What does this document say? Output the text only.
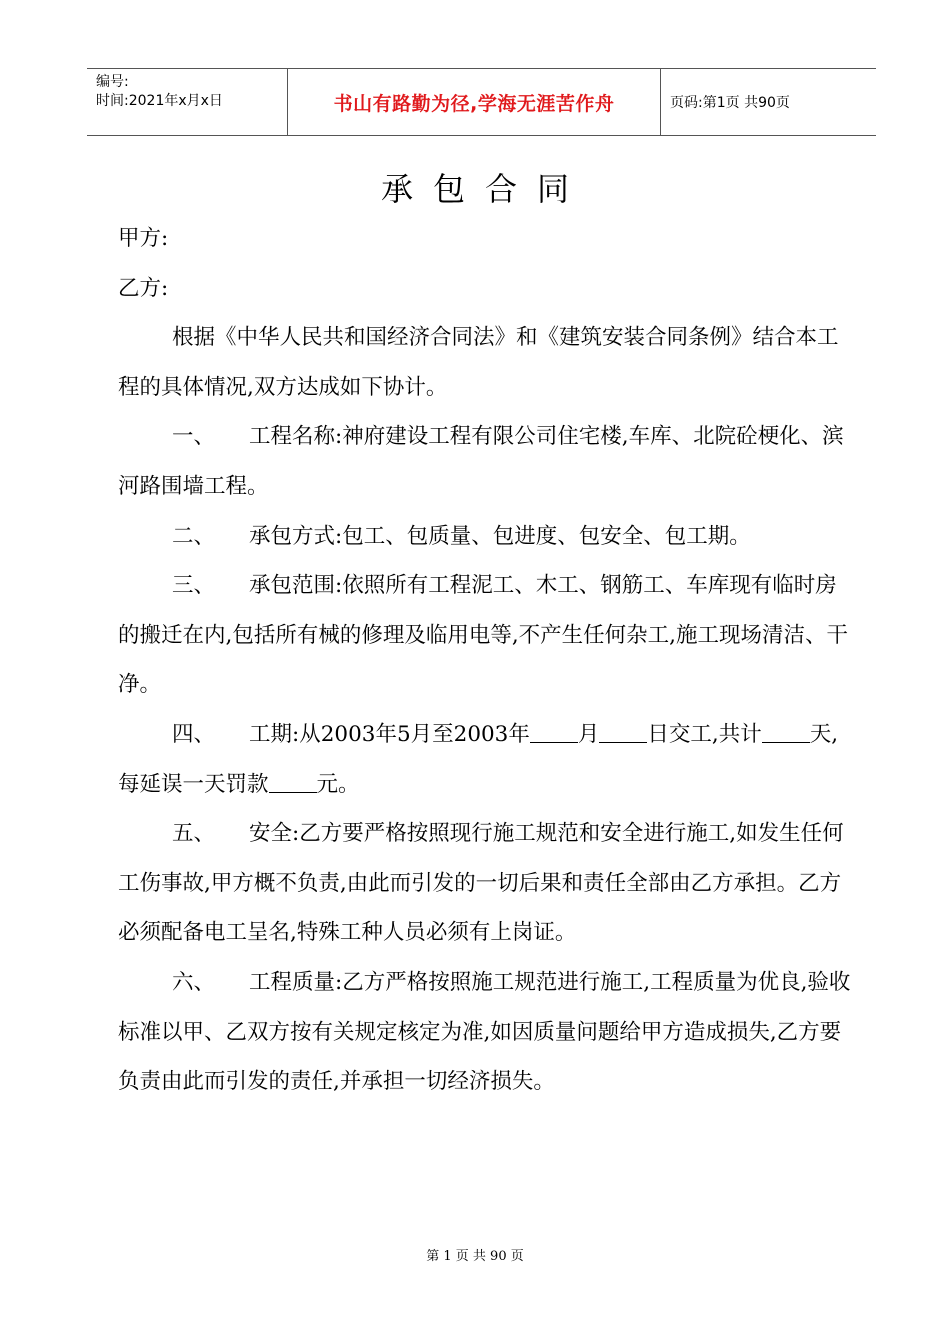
编号:
时间:2021年x月x日	书山有路勤为径,学海无涯苦作舟	页码:第1页 共90页
承包合同

甲方:

乙方:

根据《中华人民共和国经济合同法》和《建筑安装合同条例》结合本工程的具体情况,双方达成如下协计。

一、 工程名称:神府建设工程有限公司住宅楼,车库、北院砼梗化、滨河路围墙工程。

二、 承包方式:包工、包质量、包进度、包安全、包工期。

三、 承包范围:依照所有工程泥工、木工、钢筋工、车库现有临时房的搬迁在内,包括所有械的修理及临用电等,不产生任何杂工,施工现场清洁、干净。

四、 工期:从2003年5月至2003年 月 日交工,共计 天,每延误一天罚款 元。

五、 安全:乙方要严格按照现行施工规范和安全进行施工,如发生任何工伤事故,甲方概不负责,由此而引发的一切后果和责任全部由乙方承担。乙方必须配备电工呈名,特殊工种人员必须有上岗证。

六、 工程质量:乙方严格按照施工规范进行施工,工程质量为优良,验收标准以甲、乙双方按有关规定核定为准,如因质量问题给甲方造成损失,乙方要负责由此而引发的责任,并承担一切经济损失。

第 1 页 共 90 页
